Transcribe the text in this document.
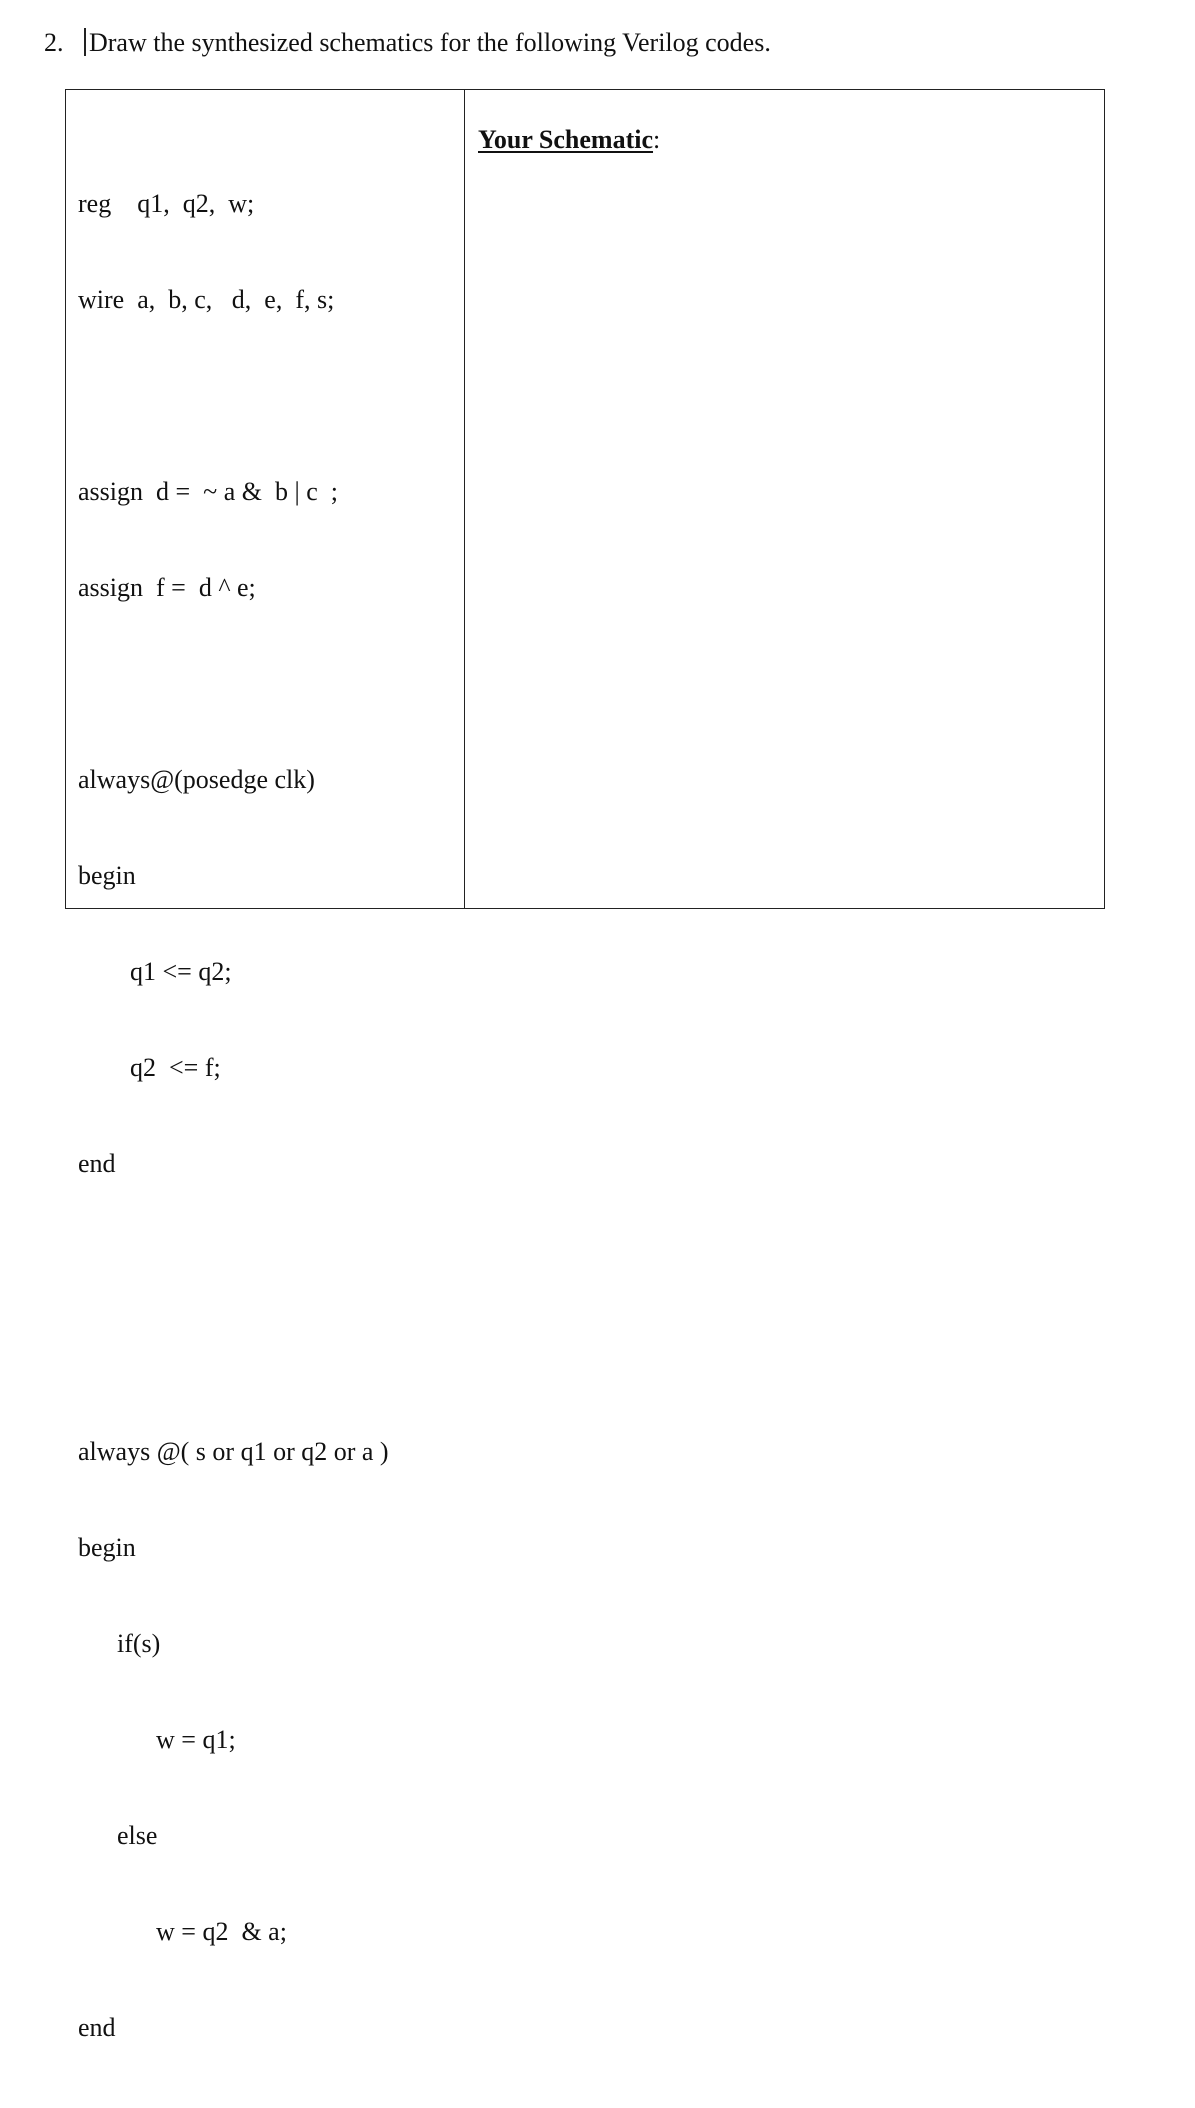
2. Draw the synthesized schematics for the following Verilog codes.

reg    q1,  q2,  w;

wire  a,  b, c,   d,  e,  f, s;

assign  d =  ~ a &  b | c  ;

assign  f =  d ^ e;

always@(posedge clk)

begin

q1 <= q2;

q2  <= f;

end

always @( s or q1 or q2 or a )

begin

if(s)

w = q1;

else

w = q2  & a;

end

Your Schematic:
